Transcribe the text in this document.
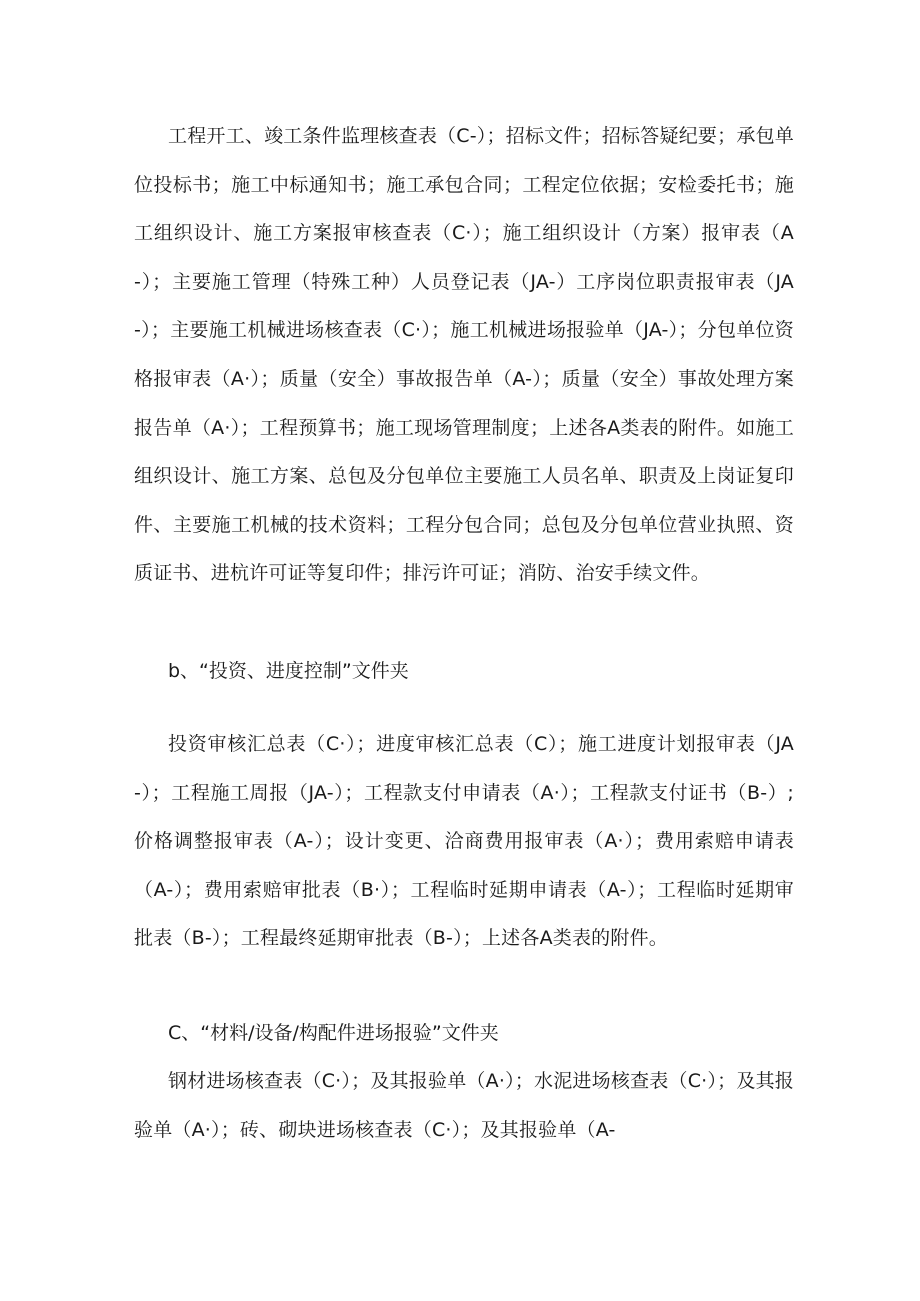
工程开工、竣工条件监理核查表（C-）；招标文件；招标答疑纪要；承包单位投标书；施工中标通知书；施工承包合同；工程定位依据；安检委托书；施工组织设计、施工方案报审核查表（C·）；施工组织设计（方案）报审表（A-）；主要施工管理（特殊工种）人员登记表（JA-）工序岗位职责报审表（JA-）；主要施工机械进场核查表（C·）；施工机械进场报验单（JA-）；分包单位资格报审表（A·）；质量（安全）事故报告单（A-）；质量（安全）事故处理方案报告单（A·）；工程预算书；施工现场管理制度；上述各A类表的附件。如施工组织设计、施工方案、总包及分包单位主要施工人员名单、职责及上岗证复印件、主要施工机械的技术资料；工程分包合同；总包及分包单位营业执照、资质证书、进杭许可证等复印件；排污许可证；消防、治安手续文件。

b、“投资、进度控制”文件夹

投资审核汇总表（C·）；进度审核汇总表（C）；施工进度计划报审表（JA-）；工程施工周报（JA-）；工程款支付申请表（A·）；工程款支付证书（B-）;价格调整报审表（A-）；设计变更、洽商费用报审表（A·）；费用索赔申请表（A-）；费用索赔审批表（B·）；工程临时延期申请表（A-）；工程临时延期审批表（B-）；工程最终延期审批表（B-）；上述各A类表的附件。

C、“材料/设备/构配件进场报验”文件夹

钢材进场核查表（C·）；及其报验单（A·）；水泥进场核查表（C·）；及其报验单（A·）；砖、砌块进场核查表（C·）；及其报验单（A-
